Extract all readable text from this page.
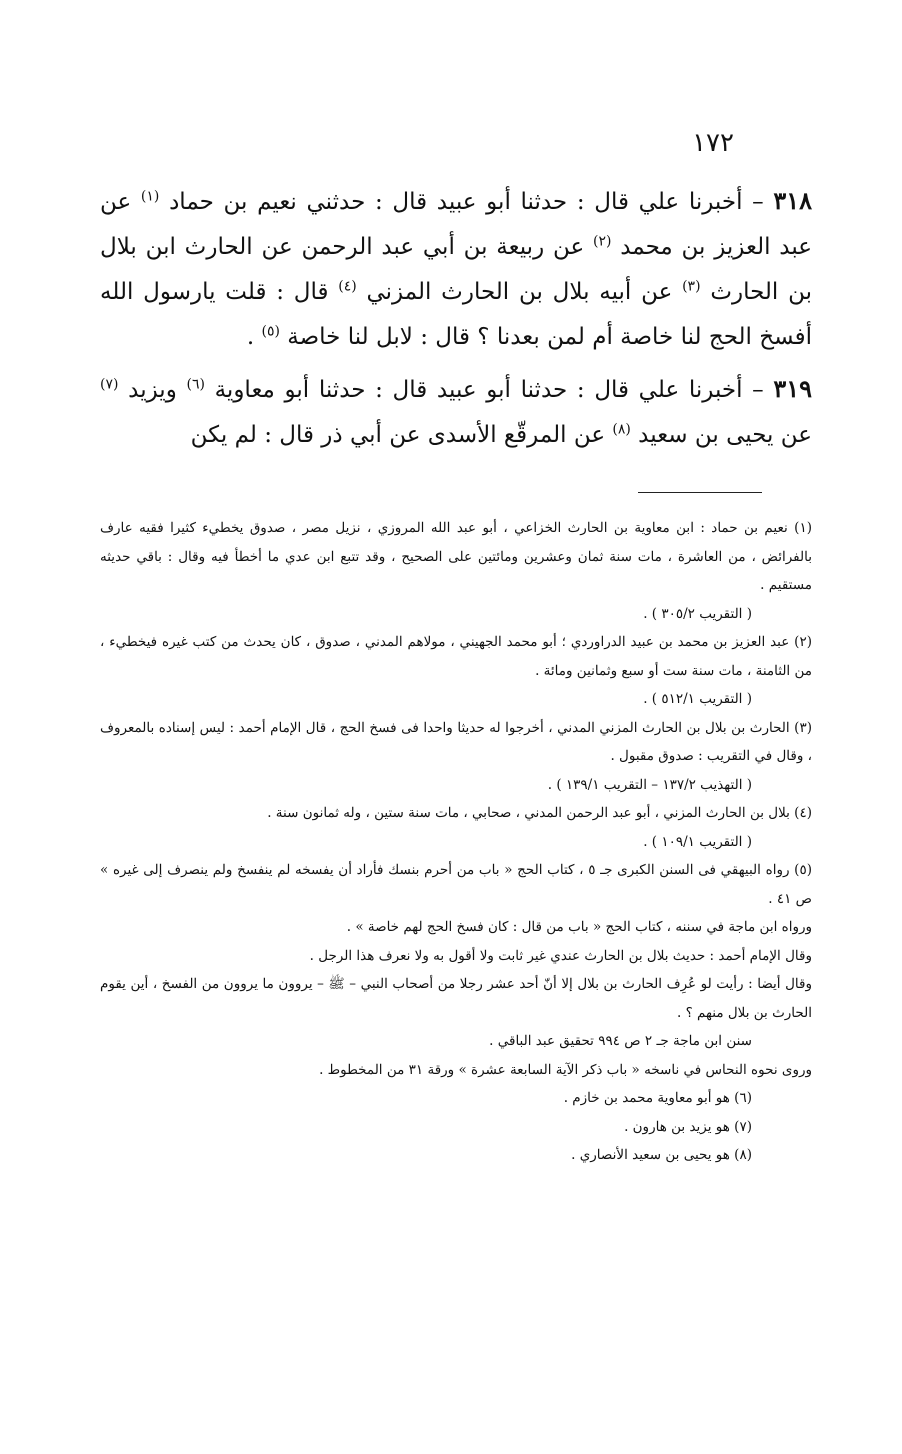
١٧٢

٣١٨ – أخبرنا علي قال : حدثنا أبو عبيد قال : حدثني نعيم بن حماد $^{(١)}$ عن عبد العزيز بن محمد $^{(٢)}$ عن ربيعة بن أبي عبد الرحمن عن الحارث ابن بلال بن الحارث $^{(٣)}$ عن أبيه بلال بن الحارث المزني $^{(٤)}$ قال : قلت يارسول الله أفسخ الحج لنا خاصة أم لمن بعدنا ؟ قال : لابل لنا خاصة $^{(٥)}$ .

٣١٩ – أخبرنا علي قال : حدثنا أبو عبيد قال : حدثنا أبو معاوية $^{(٦)}$ ويزيد $^{(٧)}$ عن يحيى بن سعيد $^{(٨)}$ عن المرقّع الأسدى عن أبي ذر قال : لم يكن

(١) نعيم بن حماد : ابن معاوية بن الحارث الخزاعي ، أبو عبد الله المروزي ، نزيل مصر ، صدوق يخطيء كثيرا فقيه عارف بالفرائض ، من العاشرة ، مات سنة ثمان وعشرين ومائتين على الصحيح ، وقد تتبع ابن عدي ما أخطأ فيه وقال : باقي حديثه مستقيم .

( التقريب ٣٠٥/٢ ) .

(٢) عبد العزيز بن محمد بن عبيد الدراوردي ؛ أبو محمد الجهيني ، مولاهم المدني ، صدوق ، كان يحدث من كتب غيره فيخطيء ، من الثامنة ، مات سنة ست أو سبع وثمانين ومائة .

( التقريب ٥١٢/١ ) .

(٣) الحارث بن بلال بن الحارث المزني المدني ، أخرجوا له حديثا واحدا فى فسخ الحج ، قال الإمام أحمد : ليس إسناده بالمعروف ، وقال في التقريب : صدوق مقبول .

( التهذيب ١٣٧/٢ – التقريب ١٣٩/١ ) .

(٤) بلال بن الحارث المزني ، أبو عبد الرحمن المدني ، صحابي ، مات سنة ستين ، وله ثمانون سنة .

( التقريب ١٠٩/١ ) .

(٥) رواه البيهقي فى السنن الكبرى جـ ٥ ، كتاب الحج « باب من أحرم بنسك فأراد أن يفسخه لم ينفسخ ولم ينصرف إلى غيره » ص ٤١ .

ورواه ابن ماجة في سننه ، كتاب الحج « باب من قال : كان فسخ الحج لهم خاصة » .

وقال الإمام أحمد : حديث بلال بن الحارث عندي غير ثابت ولا أقول به ولا نعرف هذا الرجل .

وقال أيضا : رأيت لو عُرِف الحارث بن بلال إلا أنّ أحد عشر رجلا من أصحاب النبي – ﷺ – يروون ما يروون من الفسخ ، أين يقوم الحارث بن بلال منهم ؟ .

سنن ابن ماجة جـ ٢ ص ٩٩٤ تحقيق عبد الباقي .

وروى نحوه النحاس في ناسخه « باب ذكر الآية السابعة عشرة » ورقة ٣١ من المخطوط .

(٦) هو أبو معاوية محمد بن خازم .

(٧) هو يزيد بن هارون .

(٨) هو يحيى بن سعيد الأنصاري .
